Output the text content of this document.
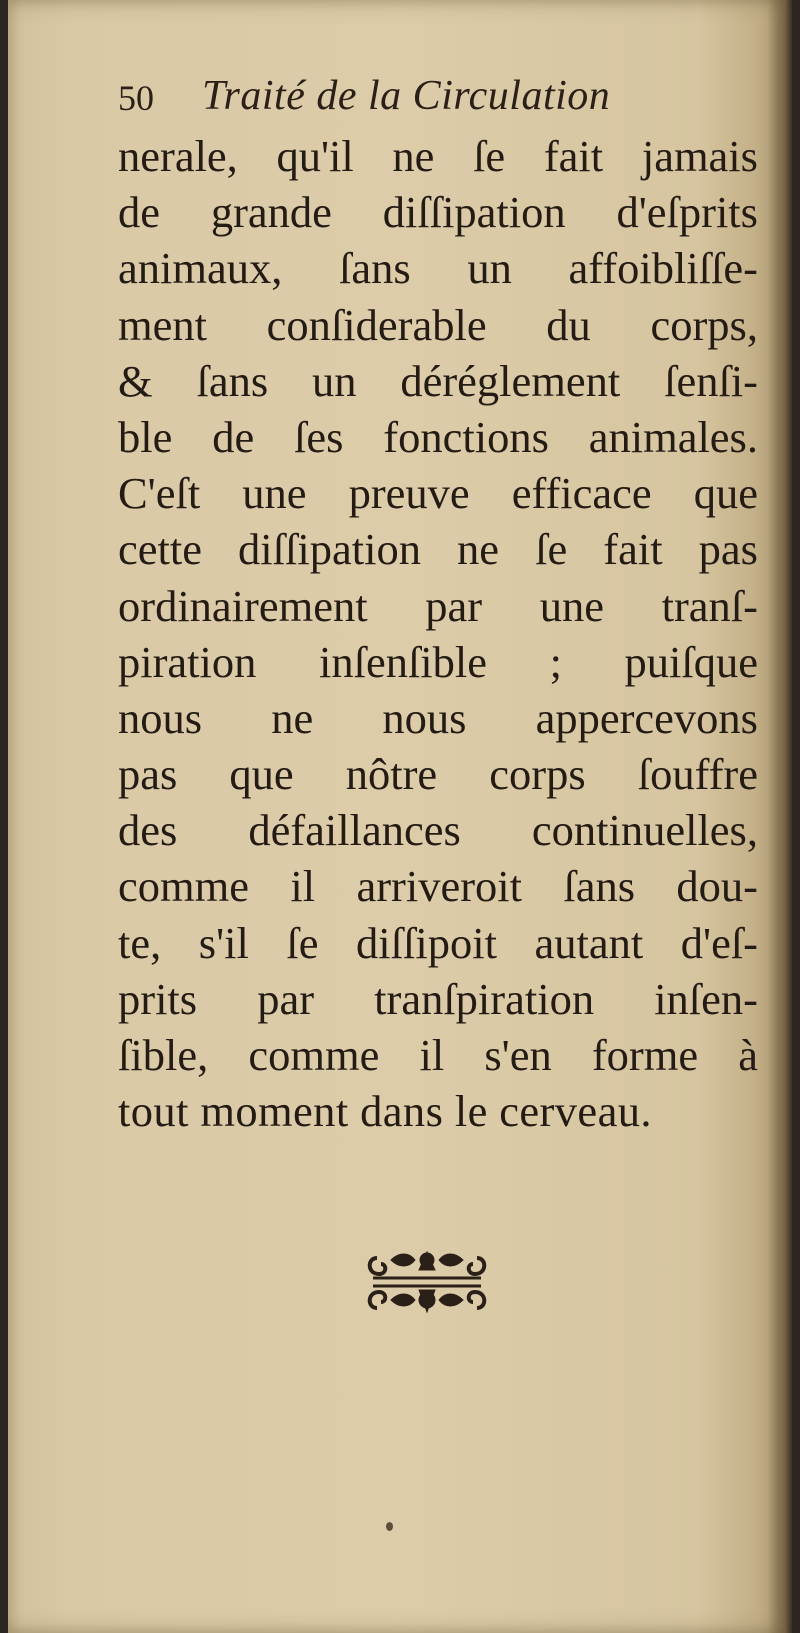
50 Traité de la Circulation
nerale, qu'il ne ſe fait jamais
de grande diſſipation d'eſprits
animaux, ſans un affoibliſſe-
ment conſiderable du corps,
& ſans un déréglement ſenſi-
ble de ſes fonctions animales.
C'eſt une preuve efficace que
cette diſſipation ne ſe fait pas
ordinairement par une tranſ-
piration inſenſible ; puiſque
nous ne nous appercevons
pas que nôtre corps ſouffre
des défaillances continuelles,
comme il arriveroit ſans dou-
te, s'il ſe diſſipoit autant d'eſ-
prits par tranſpiration inſen-
ſible, comme il s'en forme à
tout moment dans le cerveau.
